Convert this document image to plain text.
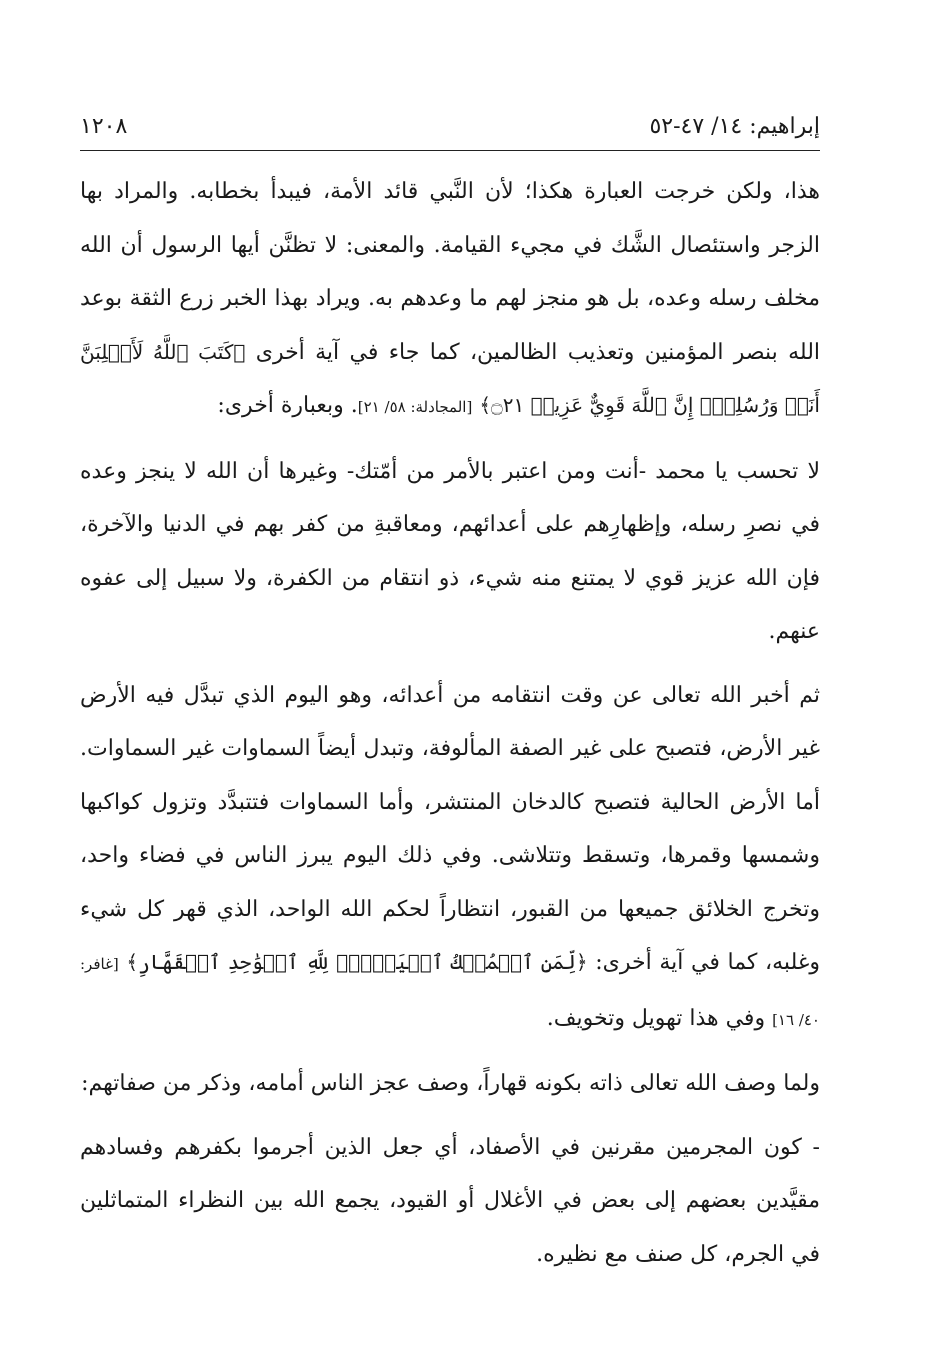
إبراهيم: ١٤/ ٤٧-٥٢
١٢٠٨

هذا، ولكن خرجت العبارة هكذا؛ لأن النَّبي قائد الأمة، فيبدأ بخطابه. والمراد بها الزجر واستئصال الشَّك في مجيء القيامة. والمعنى: لا تظنَّن أيها الرسول أن الله مخلف رسله وعده، بل هو منجز لهم ما وعدهم به. ويراد بهذا الخبر زرع الثقة بوعد الله بنصر المؤمنين وتعذيب الظالمين، كما جاء في آية أخرى ﴿كَتَبَ ٱللَّهُ لَأَغۡلِبَنَّ أَنَا۠ وَرُسُلِيٓۚ إِنَّ ٱللَّهَ قَوِيٌّ عَزِيزٞ ۝٢١﴾ [المجادلة: ٥٨/ ٢١]. وبعبارة أخرى:

لا تحسب يا محمد -أنت ومن اعتبر بالأمر من أمّتك- وغيرها أن الله لا ينجز وعده في نصرِ رسله، وإظهارِهم على أعدائهم، ومعاقبةِ من كفر بهم في الدنيا والآخرة، فإن الله عزيز قوي لا يمتنع منه شيء، ذو انتقام من الكفرة، ولا سبيل إلى عفوه عنهم.

ثم أخبر الله تعالى عن وقت انتقامه من أعدائه، وهو اليوم الذي تبدَّل فيه الأرض غير الأرض، فتصبح على غير الصفة المألوفة، وتبدل أيضاً السماوات غير السماوات. أما الأرض الحالية فتصبح كالدخان المنتشر، وأما السماوات فتتبدَّد وتزول كواكبها وشمسها وقمرها، وتسقط وتتلاشى. وفي ذلك اليوم يبرز الناس في فضاء واحد، وتخرج الخلائق جميعها من القبور، انتظاراً لحكم الله الواحد، الذي قهر كل شيء وغلبه، كما في آية أخرى: ﴿لِّمَنِ ٱلۡمُلۡكُ ٱلۡيَوۡمَۖ لِلَّهِ ٱلۡوَٰحِدِ ٱلۡقَهَّارِ﴾ [غافر: ٤٠/ ١٦] وفي هذا تهويل وتخويف.

ولما وصف الله تعالى ذاته بكونه قهاراً، وصف عجز الناس أمامه، وذكر من صفاتهم:

- كون المجرمين مقرنين في الأصفاد، أي جعل الذين أجرموا بكفرهم وفسادهم مقيَّدين بعضهم إلى بعض في الأغلال أو القيود، يجمع الله بين النظراء المتماثلين في الجرم، كل صنف مع نظيره.
